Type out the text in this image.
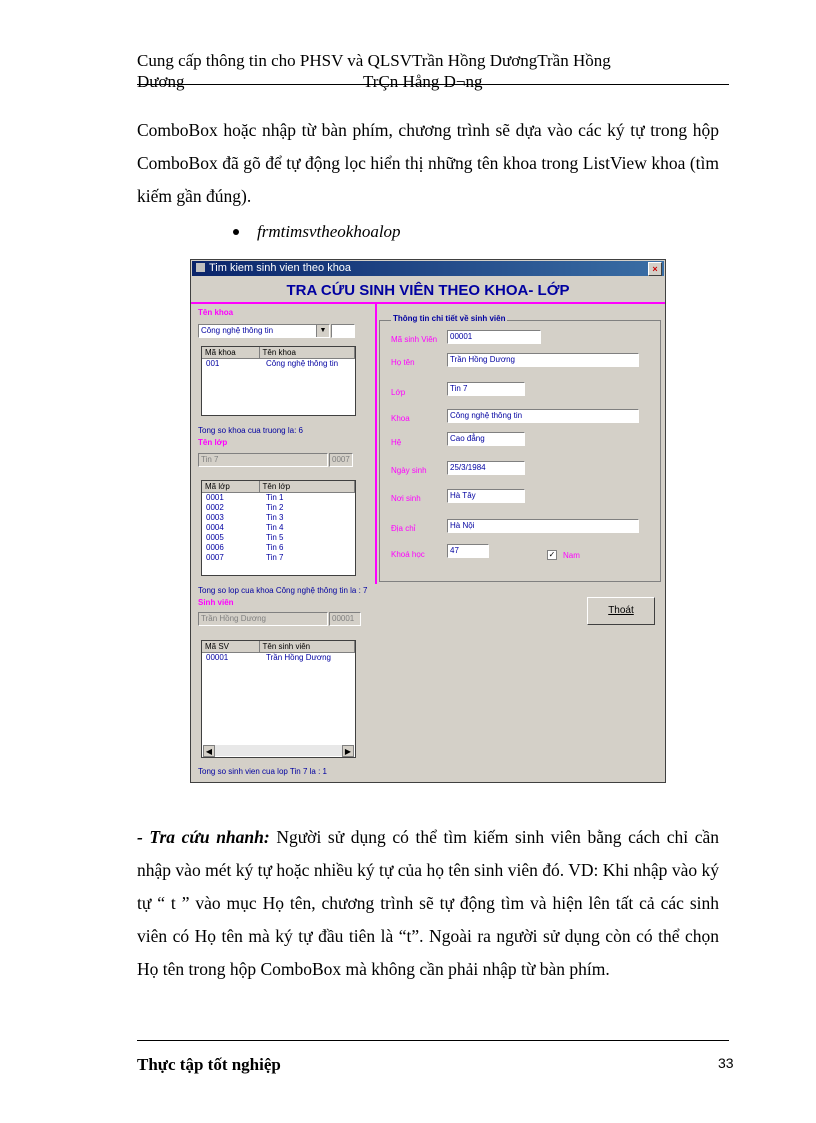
Cung cấp thông tin cho PHSV và QLSVTrần Hồng DươngTrần Hồng
Dương	TrÇn Hång D¬ng
ComboBox hoặc nhập từ bàn phím, chương trình sẽ dựa vào các ký tự trong hộp ComboBox đã gõ để tự động lọc hiển thị những tên khoa trong ListView khoa (tìm kiếm gần đúng).
frmtimsvtheokhoalop
Tim kiem sinh vien theo khoa	×
TRA CỨU SINH VIÊN THEO KHOA- LỚP
Tên khoa
Công nghệ thông tin	▼
Mã khoa	Tên khoa
001	Công nghệ thông tin
Tong so khoa cua truong la: 6
Tên lớp
Tin 7	0007
Mã lớp	Tên lớp
0001	Tin 1
0002	Tin 2
0003	Tin 3
0004	Tin 4
0005	Tin 5
0006	Tin 6
0007	Tin 7
Tong so lop cua khoa Công nghệ thông tin la : 7
Sinh viên
Trần Hồng Dương	00001
Mã SV	Tên sinh viên
00001	Trần Hồng Dương
◀	▶
Tong so sinh vien cua lop Tin 7 la : 1
Thông tin chi tiết về sinh viên
Mã sinh Viên	00001
Họ tên	Trần Hồng Dương
Lớp	Tin 7
Khoa	Công nghệ thông tin
Hệ	Cao đẳng
Ngày sinh	25/3/1984
Nơi sinh	Hà Tây
Địa chỉ	Hà Nội
Khoá học	47	✓ Nam
Thoát
- Tra cứu nhanh: Người sử dụng có thể tìm kiếm sinh viên bằng cách chỉ cần nhập vào mét ký tự hoặc nhiều ký tự của họ tên sinh viên đó. VD: Khi nhập vào ký tự “ t ” vào mục Họ tên, chương trình sẽ tự động tìm và hiện lên tất cả các sinh viên có Họ tên mà ký tự đầu tiên là “t”. Ngoài ra người sử dụng còn có thể chọn Họ tên trong hộp ComboBox mà không cần phải nhập từ bàn phím.
Thực tập tốt nghiệp	33
